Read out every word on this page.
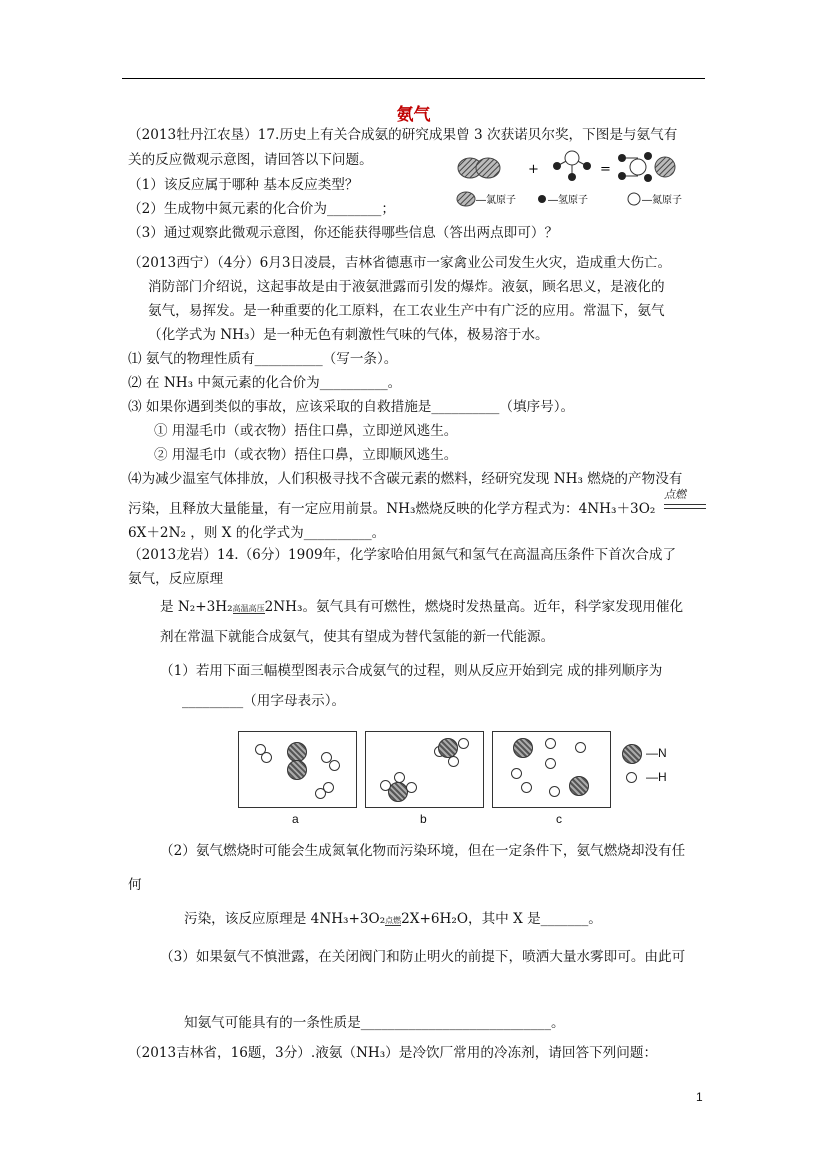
氨气
（2013牡丹江农垦）17.历史上有关合成氨的研究成果曾 3 次获诺贝尔奖，下图是与氨气有
关的反应微观示意图，请回答以下问题。
（1）该反应属于哪种 基本反应类型？
（2）生成物中氮元素的化合价为________；
（3）通过观察此微观示意图，你还能获得哪些信息（答出两点即可）？
+	=
—氯原子	—氢原子	—氮原子
（2013西宁）（4分）6月3日凌晨，吉林省德惠市一家禽业公司发生火灾，造成重大伤亡。
消防部门介绍说，这起事故是由于液氨泄露而引发的爆炸。液氨，顾名思义，是液化的
氨气，易挥发。是一种重要的化工原料，在工农业生产中有广泛的应用。常温下，氨气
（化学式为 NH₃）是一种无色有刺激性气味的气体，极易溶于水。
⑴ 氨气的物理性质有__________（写一条）。
⑵ 在 NH₃ 中氮元素的化合价为__________。
⑶ 如果你遇到类似的事故，应该采取的自救措施是__________（填序号）。
① 用湿毛巾（或衣物）捂住口鼻，立即逆风逃生。
② 用湿毛巾（或衣物）捂住口鼻，立即顺风逃生。
⑷为减少温室气体排放，人们积极寻找不含碳元素的燃料，经研究发现 NH₃ 燃烧的产物没有
污染，且释放大量能量，有一定应用前景。NH₃燃烧反映的化学方程式为：4NH₃＋3O₂
点燃
6X＋2N₂ ，则 X 的化学式为__________。
（2013龙岩）14.（6分）1909年，化学家哈伯用氮气和氢气在高温高压条件下首次合成了
氨气，反应原理
是 N₂+3H₂高温高压2NH₃。氨气具有可燃性，燃烧时发热量高。近年，科学家发现用催化
剂在常温下就能合成氨气，使其有望成为替代氢能的新一代能源。
（1）若用下面三幅模型图表示合成氨气的过程，则从反应开始到完 成的排列顺序为
_________（用字母表示）。
—N
—H
a	b	c
（2）氨气燃烧时可能会生成氮氧化物而污染环境，但在一定条件下，氨气燃烧却没有任
何
污染，该反应原理是 4NH₃+3O₂点燃2X+6H₂O，其中 X 是_______。
（3）如果氨气不慎泄露，在关闭阀门和防止明火的前提下，喷洒大量水雾即可。由此可
知氨气可能具有的一条性质是____________________________。
（2013吉林省，16题，3分）.液氨（NH₃）是冷饮厂常用的冷冻剂，请回答下列问题：
1
